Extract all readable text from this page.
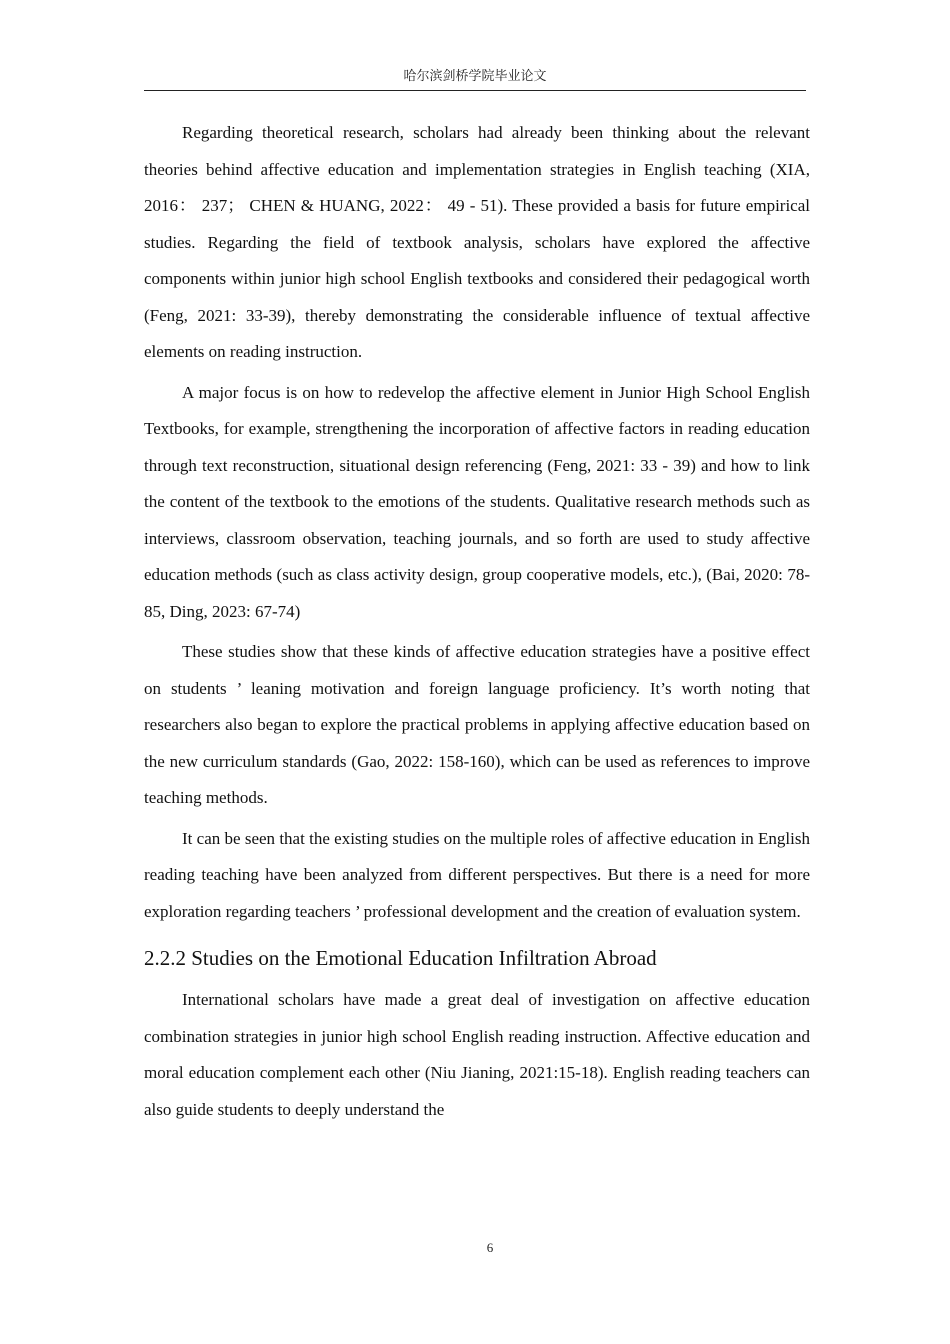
哈尔滨剑桥学院毕业论文

Regarding theoretical research, scholars had already been thinking about the relevant theories behind affective education and implementation strategies in English teaching (XIA, 2016： 237； CHEN & HUANG, 2022： 49 - 51). These provided a basis for future empirical studies. Regarding the field of textbook analysis, scholars have explored the affective components within junior high school English textbooks and considered their pedagogical worth (Feng, 2021: 33-39), thereby demonstrating the considerable influence of textual affective elements on reading instruction.

A major focus is on how to redevelop the affective element in Junior High School English Textbooks, for example, strengthening the incorporation of affective factors in reading education through text reconstruction, situational design referencing (Feng, 2021: 33 - 39) and how to link the content of the textbook to the emotions of the students. Qualitative research methods such as interviews, classroom observation, teaching journals, and so forth are used to study affective education methods (such as class activity design, group cooperative models, etc.), (Bai, 2020: 78-85, Ding, 2023: 67-74)

These studies show that these kinds of affective education strategies have a positive effect on students ’ leaning motivation and foreign language proficiency. It’s worth noting that researchers also began to explore the practical problems in applying affective education based on the new curriculum standards (Gao, 2022: 158-160), which can be used as references to improve teaching methods.

It can be seen that the existing studies on the multiple roles of affective education in English reading teaching have been analyzed from different perspectives. But there is a need for more exploration regarding teachers ’ professional development and the creation of evaluation system.

2.2.2 Studies on the Emotional Education Infiltration Abroad

International scholars have made a great deal of investigation on affective education combination strategies in junior high school English reading instruction. Affective education and moral education complement each other (Niu Jianing, 2021:15-18). English reading teachers can also guide students to deeply understand the

6
